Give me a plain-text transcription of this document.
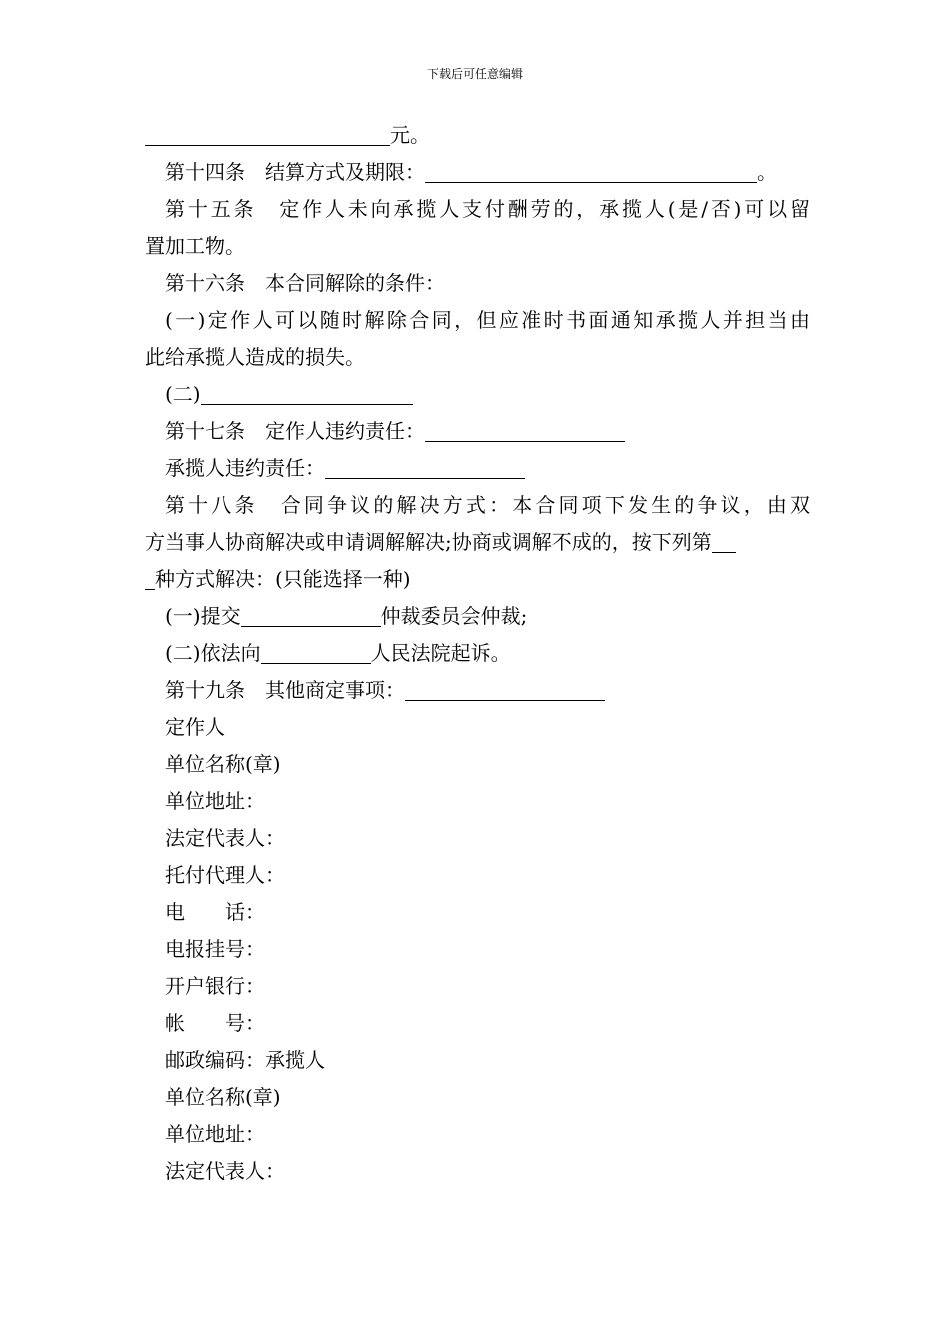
下载后可任意编辑
元。
第十四条　结算方式及期限：	。
第十五条　定作人未向承揽人支付酬劳的，承揽人(是/否)可以留
置加工物。
第十六条　本合同解除的条件：
(一)定作人可以随时解除合同，但应准时书面通知承揽人并担当由
此给承揽人造成的损失。
(二)
第十七条　定作人违约责任：
承揽人违约责任：
第十八条　合同争议的解决方式：本合同项下发生的争议，由双
方当事人协商解决或申请调解解决;协商或调解不成的，按下列第
种方式解决：(只能选择一种)
(一)提交	仲裁委员会仲裁;
(二)依法向	人民法院起诉。
第十九条　其他商定事项：
定作人
单位名称(章)
单位地址：
法定代表人：
托付代理人：
电　　话：
电报挂号：
开户银行：
帐　　号：
邮政编码：承揽人
单位名称(章)
单位地址：
法定代表人：
